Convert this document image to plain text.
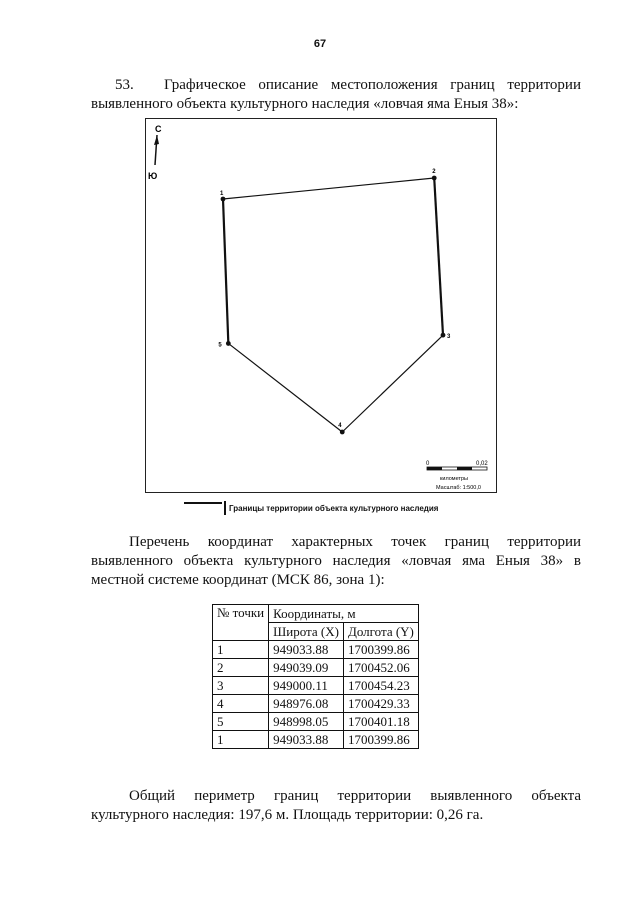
67
53. Графическое описание местоположения границ территории выявленного объекта культурного наследия «ловчая яма Еныя 38»:
С
Ю
1
2
3
4
5
0	0,02
километры
Масштаб: 1:500,0
Границы территории объекта культурного наследия
Перечень координат характерных точек границ территории выявленного объекта культурного наследия «ловчая яма Еныя 38» в местной системе координат (МСК 86, зона 1):
№ точки	Координаты, м	
	Широта (X)	Долгота (Y)
1	949033.88	1700399.86
2	949039.09	1700452.06
3	949000.11	1700454.23
4	948976.08	1700429.33
5	948998.05	1700401.18
1	949033.88	1700399.86
Общий периметр границ территории выявленного объекта культурного наследия: 197,6 м. Площадь территории: 0,26 га.
